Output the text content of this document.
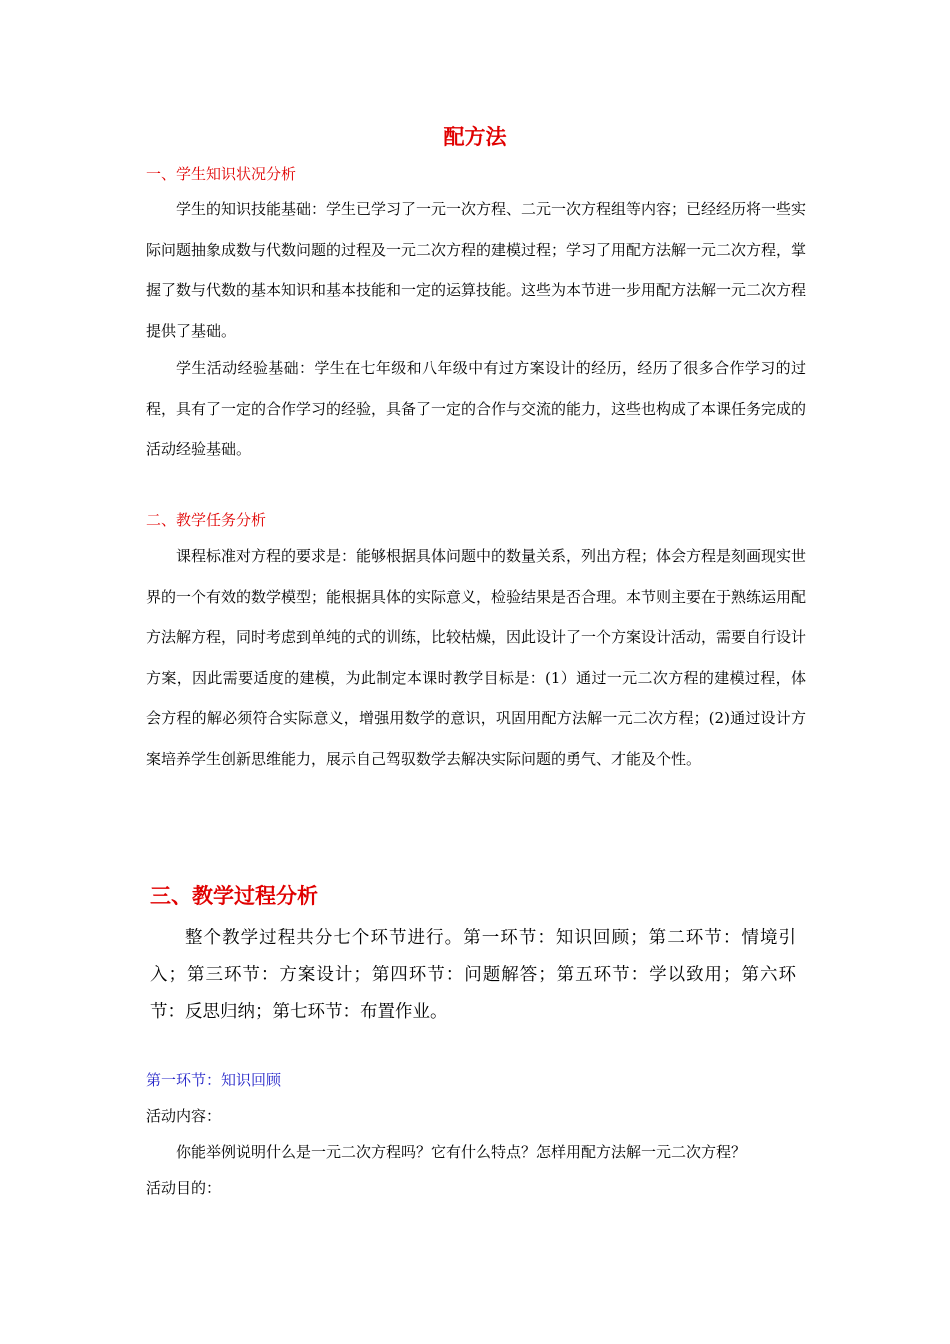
配方法
一、学生知识状况分析

学生的知识技能基础：学生已学习了一元一次方程、二元一次方程组等内容；已经经历将一些实际问题抽象成数与代数问题的过程及一元二次方程的建模过程；学习了用配方法解一元二次方程，掌握了数与代数的基本知识和基本技能和一定的运算技能。这些为本节进一步用配方法解一元二次方程提供了基础。

学生活动经验基础：学生在七年级和八年级中有过方案设计的经历，经历了很多合作学习的过程，具有了一定的合作学习的经验，具备了一定的合作与交流的能力，这些也构成了本课任务完成的活动经验基础。

二、教学任务分析

课程标准对方程的要求是：能够根据具体问题中的数量关系，列出方程；体会方程是刻画现实世界的一个有效的数学模型；能根据具体的实际意义，检验结果是否合理。本节则主要在于熟练运用配方法解方程，同时考虑到单纯的式的训练，比较枯燥，因此设计了一个方案设计活动，需要自行设计方案，因此需要适度的建模，为此制定本课时教学目标是：(1）通过一元二次方程的建模过程，体会方程的解必须符合实际意义，增强用数学的意识，巩固用配方法解一元二次方程；(2)通过设计方案培养学生创新思维能力，展示自己驾驭数学去解决实际问题的勇气、才能及个性。

三、教学过程分析

整个教学过程共分七个环节进行。第一环节：知识回顾；第二环节：情境引入；第三环节：方案设计；第四环节：问题解答；第五环节：学以致用；第六环节：反思归纳；第七环节：布置作业。

第一环节：知识回顾
活动内容：
你能举例说明什么是一元二次方程吗？它有什么特点？怎样用配方法解一元二次方程？
活动目的：
